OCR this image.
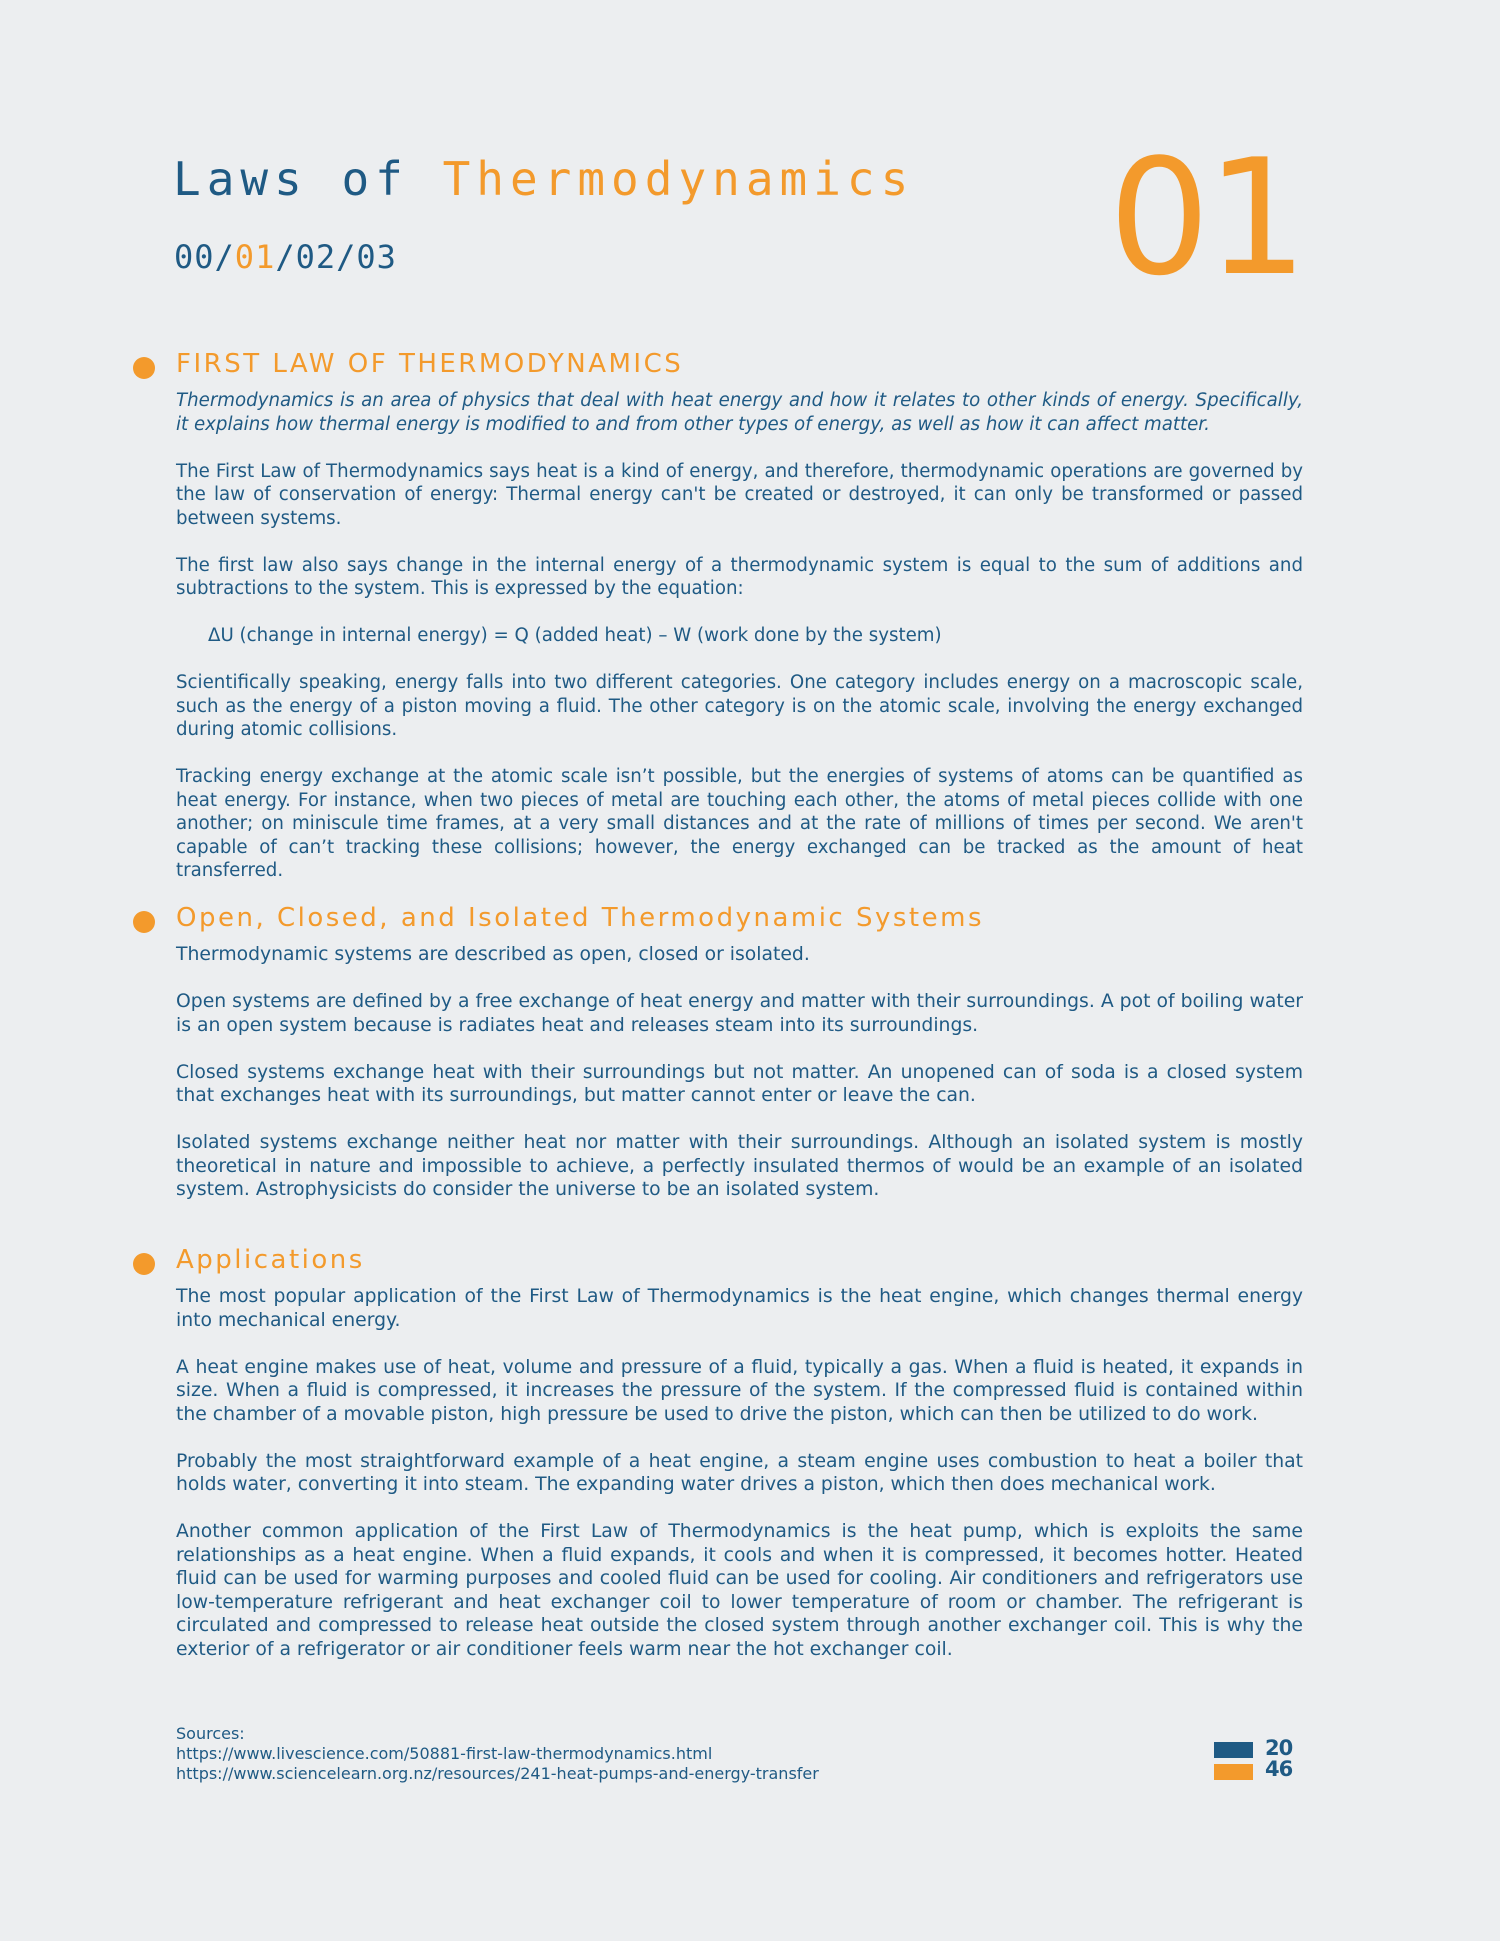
Laws of Thermodynamics
00/01/02/03	01
FIRST LAW OF THERMODYNAMICS

Thermodynamics is an area of physics that deal with heat energy and how it relates to other kinds of energy. Specifically, it explains how thermal energy is modified to and from other types of energy, as well as how it can affect matter.

The First Law of Thermodynamics says heat is a kind of energy, and therefore, thermodynamic operations are governed by the law of conservation of energy: Thermal energy can't be created or destroyed, it can only be transformed or passed between systems.

The first law also says change in the internal energy of a thermodynamic system is equal to the sum of additions and subtractions to the system. This is expressed by the equation:

ΔU (change in internal energy) = Q (added heat) – W (work done by the system)

Scientifically speaking, energy falls into two different categories. One category includes energy on a macroscopic scale, such as the energy of a piston moving a fluid. The other category is on the atomic scale, involving the energy exchanged during atomic collisions.

Tracking energy exchange at the atomic scale isn’t possible, but the energies of systems of atoms can be quantified as heat energy. For instance, when two pieces of metal are touching each other, the atoms of metal pieces collide with one another; on miniscule time frames, at a very small distances and at the rate of millions of times per second. We aren't capable of can’t tracking these collisions; however, the energy exchanged can be tracked as the amount of heat transferred.

Open, Closed, and Isolated Thermodynamic Systems

Thermodynamic systems are described as open, closed or isolated.

Open systems are defined by a free exchange of heat energy and matter with their surroundings. A pot of boiling water is an open system because is radiates heat and releases steam into its surroundings.

Closed systems exchange heat with their surroundings but not matter. An unopened can of soda is a closed system that exchanges heat with its surroundings, but matter cannot enter or leave the can.

Isolated systems exchange neither heat nor matter with their surroundings. Although an isolated system is mostly theoretical in nature and impossible to achieve, a perfectly insulated thermos of would be an example of an isolated system. Astrophysicists do consider the universe to be an isolated system.

Applications

The most popular application of the First Law of Thermodynamics is the heat engine, which changes thermal energy into mechanical energy.

A heat engine makes use of heat, volume and pressure of a fluid, typically a gas. When a fluid is heated, it expands in size. When a fluid is compressed, it increases the pressure of the system. If the compressed fluid is contained within the chamber of a movable piston, high pressure be used to drive the piston, which can then be utilized to do work.

Probably the most straightforward example of a heat engine, a steam engine uses combustion to heat a boiler that holds water, converting it into steam. The expanding water drives a piston, which then does mechanical work.

Another common application of the First Law of Thermodynamics is the heat pump, which is exploits the same relationships as a heat engine. When a fluid expands, it cools and when it is compressed, it becomes hotter. Heated fluid can be used for warming purposes and cooled fluid can be used for cooling. Air conditioners and refrigerators use low-temperature refrigerant and heat exchanger coil to lower temperature of room or chamber. The refrigerant is circulated and compressed to release heat outside the closed system through another exchanger coil. This is why the exterior of a refrigerator or air conditioner feels warm near the hot exchanger coil.

Sources:
https://www.livescience.com/50881-first-law-thermodynamics.html
https://www.sciencelearn.org.nz/resources/241-heat-pumps-and-energy-transfer
20
46
